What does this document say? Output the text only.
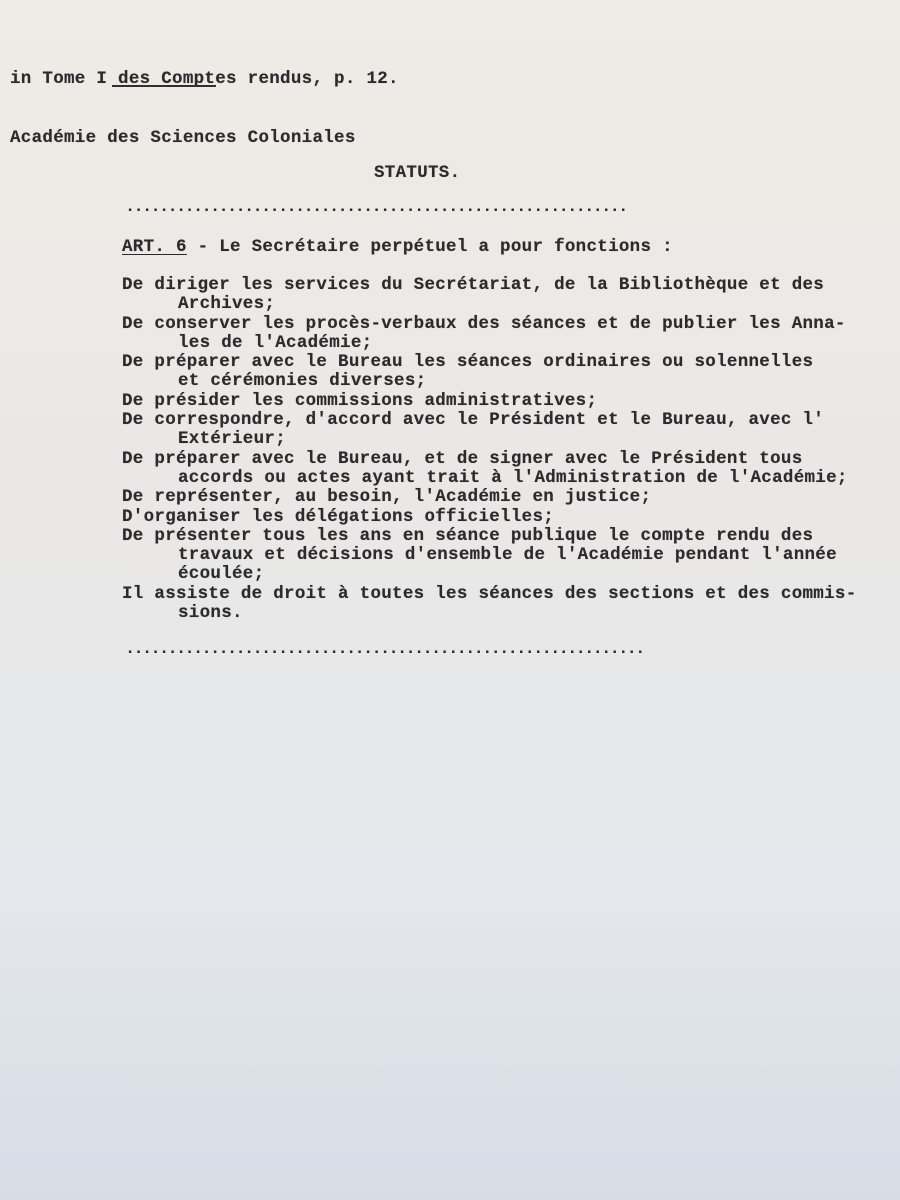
in Tome I des Comptes rendus, p. 12.

Académie des Sciences Coloniales

STATUTS.
...........................................................
ART. 6 - Le Secrétaire perpétuel a pour fonctions :
De diriger les services du Secrétariat, de la Bibliothèque et des
Archives;
De conserver les procès-verbaux des séances et de publier les Anna-
les de l'Académie;
De préparer avec le Bureau les séances ordinaires ou solennelles
et cérémonies diverses;
De présider les commissions administratives;
De correspondre, d'accord avec le Président et le Bureau, avec l'
Extérieur;
De préparer avec le Bureau, et de signer avec le Président tous
accords ou actes ayant trait à l'Administration de l'Académie;
De représenter, au besoin, l'Académie en justice;
D'organiser les délégations officielles;
De présenter tous les ans en séance publique le compte rendu des
travaux et décisions d'ensemble de l'Académie pendant l'année
écoulée;
Il assiste de droit à toutes les séances des sections et des commis-
sions.
.............................................................
